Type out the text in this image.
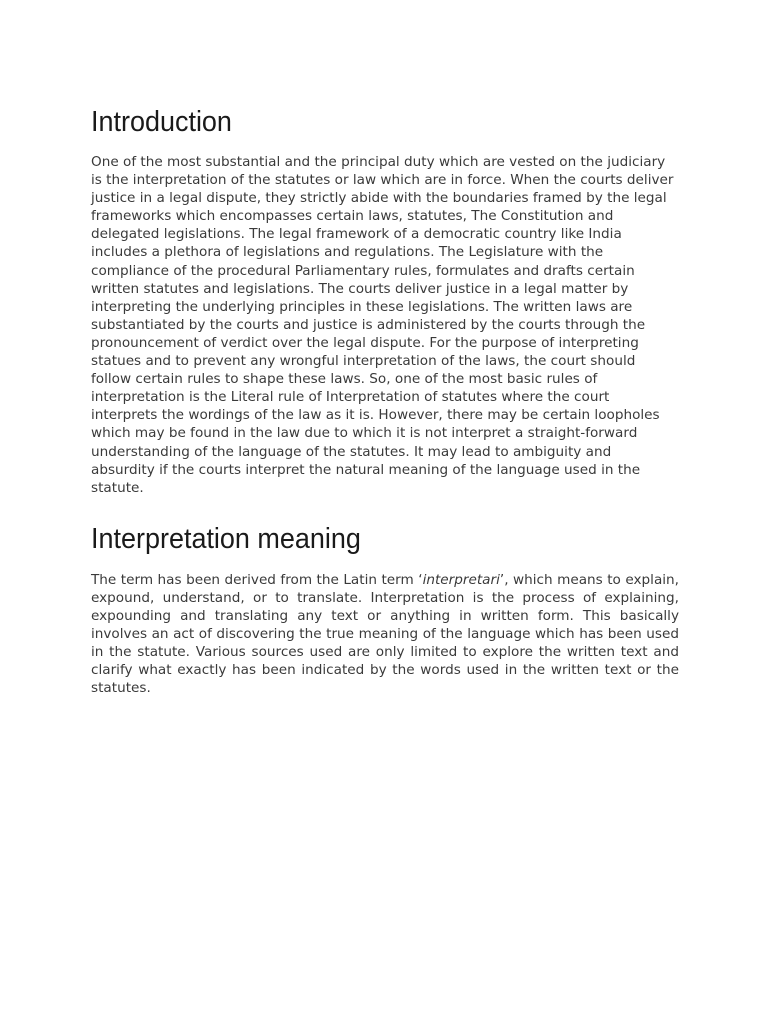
Introduction

One of the most substantial and the principal duty which are vested on the judiciary is the interpretation of the statutes or law which are in force. When the courts deliver justice in a legal dispute, they strictly abide with the boundaries framed by the legal frameworks which encompasses certain laws, statutes, The Constitution and delegated legislations. The legal framework of a democratic country like India includes a plethora of legislations and regulations. The Legislature with the compliance of the procedural Parliamentary rules, formulates and drafts certain written statutes and legislations. The courts deliver justice in a legal matter by interpreting the underlying principles in these legislations. The written laws are substantiated by the courts and justice is administered by the courts through the pronouncement of verdict over the legal dispute. For the purpose of interpreting statues and to prevent any wrongful interpretation of the laws, the court should follow certain rules to shape these laws. So, one of the most basic rules of interpretation is the Literal rule of Interpretation of statutes where the court interprets the wordings of the law as it is. However, there may be certain loopholes which may be found in the law due to which it is not interpret a straight-forward understanding of the language of the statutes. It may lead to ambiguity and absurdity if the courts interpret the natural meaning of the language used in the statute.

Interpretation meaning

The term has been derived from the Latin term ‘interpretari’, which means to explain, expound, understand, or to translate. Interpretation is the process of explaining, expounding and translating any text or anything in written form. This basically involves an act of discovering the true meaning of the language which has been used in the statute. Various sources used are only limited to explore the written text and clarify what exactly has been indicated by the words used in the written text or the statutes.
